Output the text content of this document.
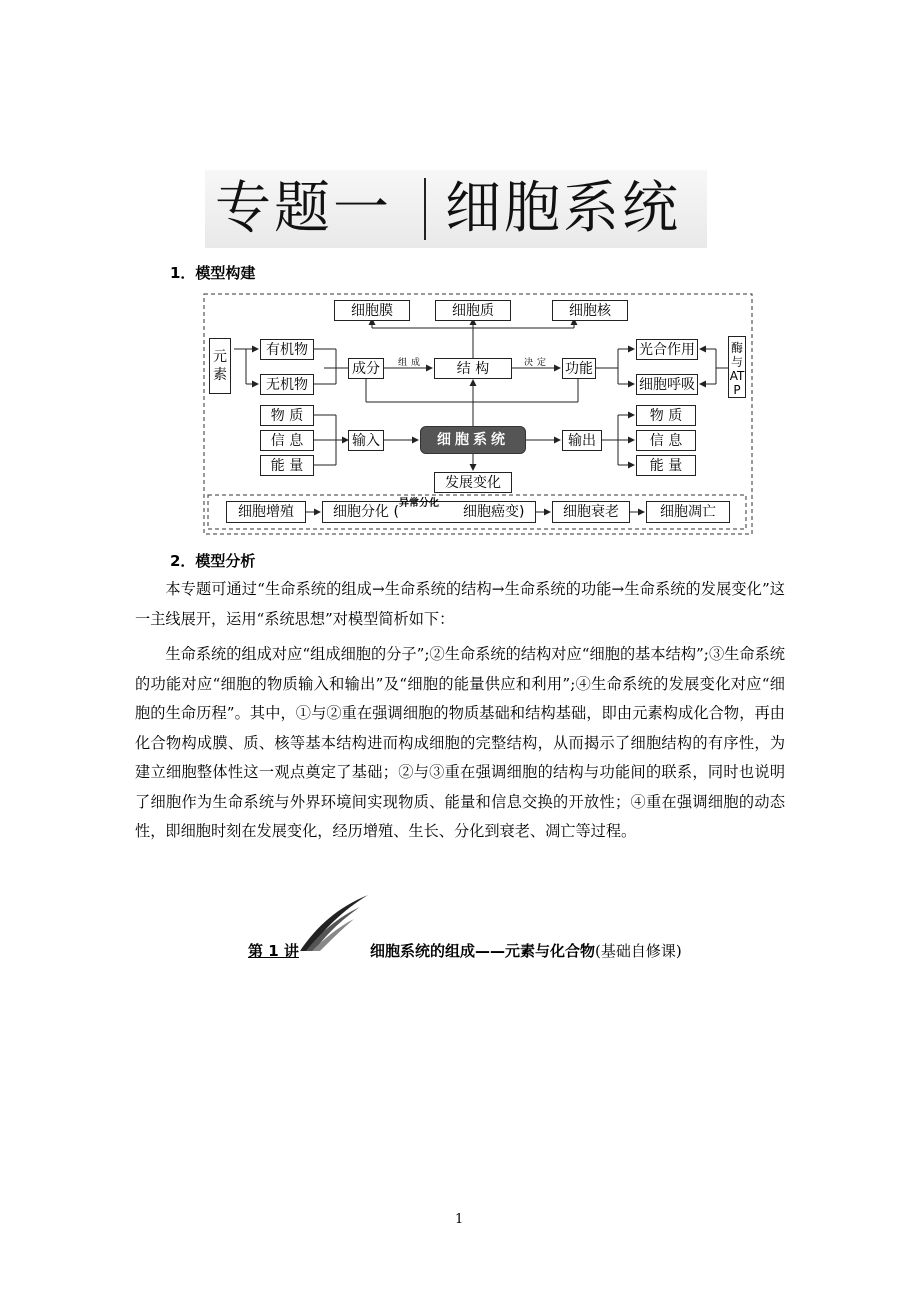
专题一 细胞系统
1．模型构建
细胞膜	细胞质	细胞核
元素
有机物
无机物
成分	组成	结 构	决定 功能
光合作用
细胞呼吸
酶与ATP
物 质
信 息
能 量
输入	细胞系统	输出
物 质
信 息
能 量
发展变化
细胞增殖	细胞分化 (
异常分化
细胞癌变)	细胞衰老	细胞凋亡
2．模型分析

本专题可通过“生命系统的组成→生命系统的结构→生命系统的功能→生命系统的发展变化”这一主线展开，运用“系统思想”对模型简析如下：

生命系统的组成对应“组成细胞的分子”;②生命系统的结构对应“细胞的基本结构”;③生命系统的功能对应“细胞的物质输入和输出”及“细胞的能量供应和利用”;④生命系统的发展变化对应“细胞的生命历程”。其中，①与②重在强调细胞的物质基础和结构基础，即由元素构成化合物，再由化合物构成膜、质、核等基本结构进而构成细胞的完整结构，从而揭示了细胞结构的有序性，为建立细胞整体性这一观点奠定了基础；②与③重在强调细胞的结构与功能间的联系，同时也说明了细胞作为生命系统与外界环境间实现物质、能量和信息交换的开放性；④重在强调细胞的动态性，即细胞时刻在发展变化，经历增殖、生长、分化到衰老、凋亡等过程。

第 1 讲	细胞系统的组成——元素与化合物(基础自修课)
1
